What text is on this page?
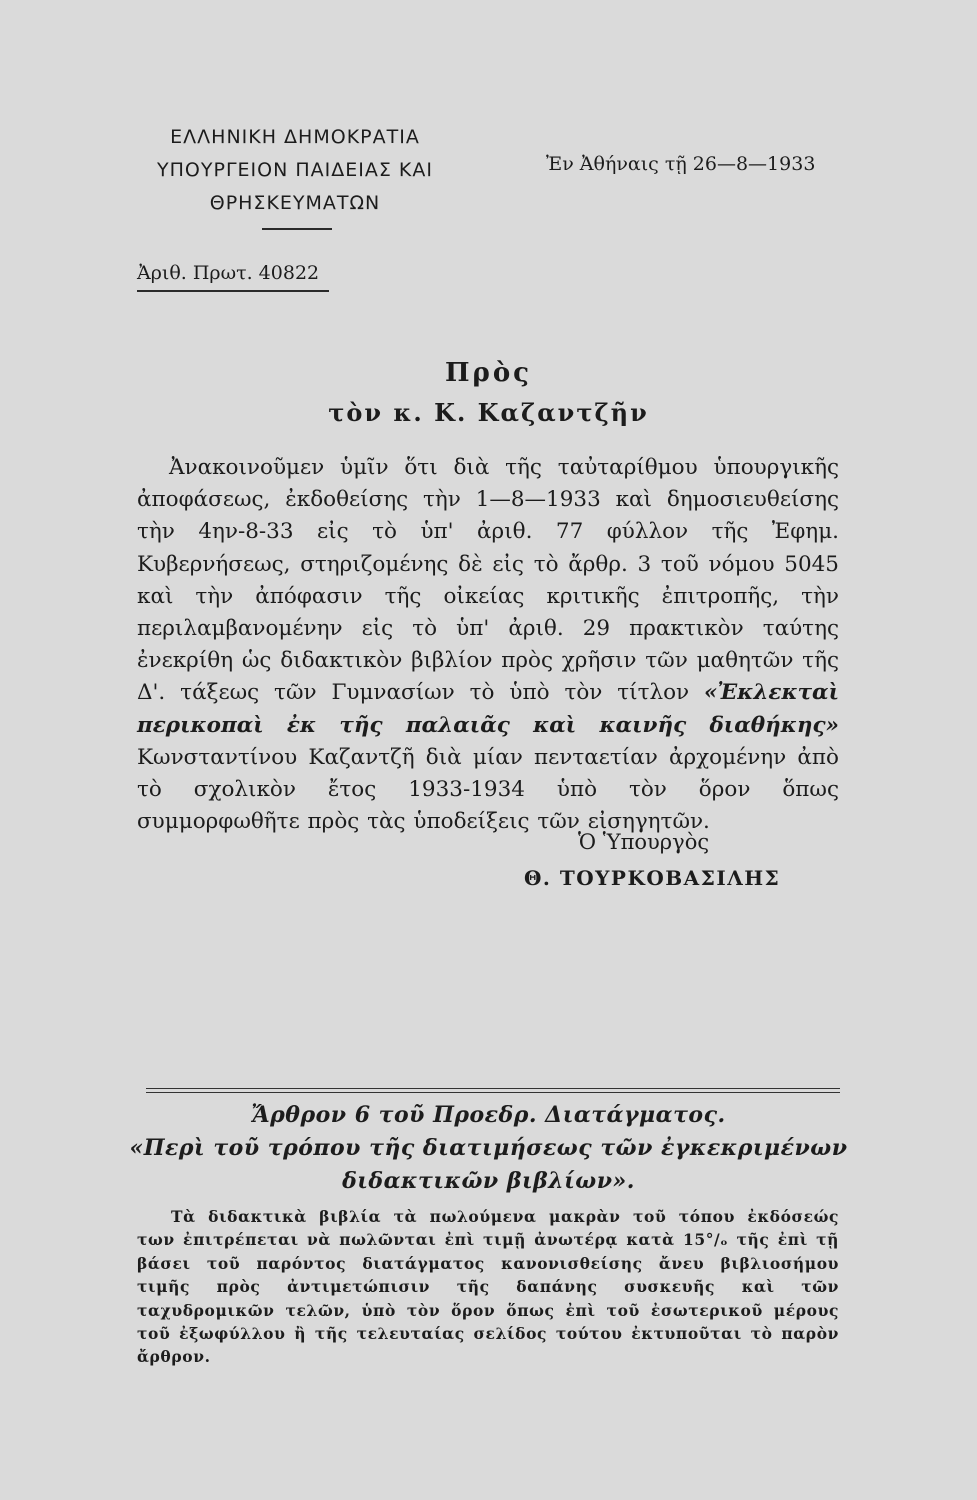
ΕΛΛΗΝΙΚΗ ΔΗΜΟΚΡΑΤΙΑ
ΥΠΟΥΡΓΕΙΟΝ ΠΑΙΔΕΙΑΣ ΚΑΙ
ΘΡΗΣΚΕΥΜΑΤΩΝ
Ἐν Ἀθήναις τῇ 26—8—1933
Ἀριθ. Πρωτ. 40822
Πρὸς
τὸν κ. Κ. Καζαντζῆν
Ἀνακοινοῦμεν ὑμῖν ὅτι διὰ τῆς ταὐταρίθμου ὑπουργικῆς ἀποφάσεως, ἐκδοθείσης τὴν 1—8—1933 καὶ δημοσιευθείσης τὴν 4ην-8-33 εἰς τὸ ὑπ' ἀριθ. 77 φύλλον τῆς Ἐφημ. Κυβερνήσεως, στηριζομένης δὲ εἰς τὸ ἄρθρ. 3 τοῦ νόμου 5045 καὶ τὴν ἀπόφασιν τῆς οἰκείας κριτικῆς ἐπιτροπῆς, τὴν περιλαμβανομένην εἰς τὸ ὑπ' ἀριθ. 29 πρακτικὸν ταύτης ἐνεκρίθη ὡς διδακτικὸν βιβλίον πρὸς χρῆσιν τῶν μαθητῶν τῆς Δ'. τάξεως τῶν Γυμνασίων τὸ ὑπὸ τὸν τίτλον «Ἐκλεκταὶ περικοπαὶ ἐκ τῆς παλαιᾶς καὶ καινῆς διαθήκης» Κωνσταντίνου Καζαντζῆ διὰ μίαν πενταετίαν ἀρχομένην ἀπὸ τὸ σχολικὸν ἔτος 1933-1934 ὑπὸ τὸν ὅρον ὅπως συμμορφωθῆτε πρὸς τὰς ὑποδείξεις τῶν εἰσηγητῶν.
Ὁ Ὑπουργὸς
Θ. ΤΟΥΡΚΟΒΑΣΙΛΗΣ
Ἄρθρον 6 τοῦ Προεδρ. Διατάγματος.
«Περὶ τοῦ τρόπου τῆς διατιμήσεως τῶν ἐγκεκριμένων
διδακτικῶν βιβλίων».
Τὰ διδακτικὰ βιβλία τὰ πωλούμενα μακρὰν τοῦ τόπου ἐκδόσεώς των ἐπιτρέπεται νὰ πωλῶνται ἐπὶ τιμῇ ἀνωτέρᾳ κατὰ 15°/ₒ τῆς ἐπὶ τῇ βάσει τοῦ παρόντος διατάγματος κανονισθείσης ἄνευ βιβλιοσήμου τιμῆς πρὸς ἀντιμετώπισιν τῆς δαπάνης συσκευῆς καὶ τῶν ταχυδρομικῶν τελῶν, ὑπὸ τὸν ὅρον ὅπως ἐπὶ τοῦ ἐσωτερικοῦ μέρους τοῦ ἐξωφύλλου ἢ τῆς τελευταίας σελίδος τούτου ἐκτυποῦται τὸ παρὸν ἄρθρον.
